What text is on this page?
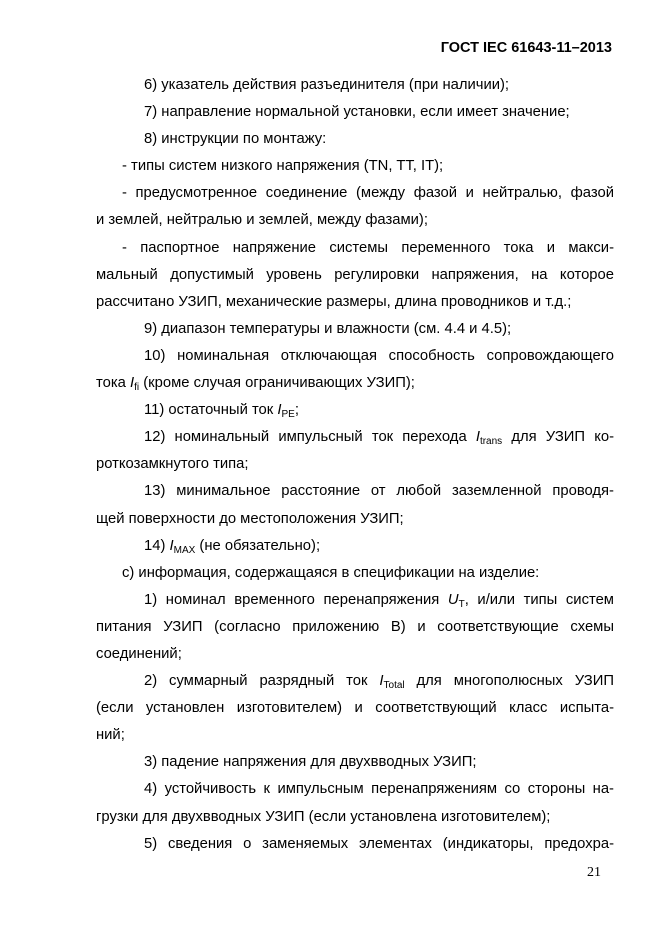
ГОСТ IEC 61643-11–2013

6) указатель действия разъединителя (при наличии);

7) направление нормальной установки, если имеет значение;

8) инструкции по монтажу:

- типы систем низкого напряжения (TN, TT, IT);

- предусмотренное соединение (между фазой и нейтралью, фазой

и землей, нейтралью и землей, между фазами);

- паспортное напряжение системы переменного тока и макси-

мальный допустимый уровень регулировки напряжения, на которое

рассчитано УЗИП, механические размеры, длина проводников и т.д.;

9) диапазон температуры и влажности (см. 4.4 и 4.5);

10) номинальная отключающая способность сопровождающего

тока $I_{fi}$ (кроме случая ограничивающих УЗИП);

11) остаточный ток $I_{PE}$;

12) номинальный импульсный ток перехода $I_{trans}$ для УЗИП ко-

роткозамкнутого типа;

13) минимальное расстояние от любой заземленной проводя-

щей поверхности до местоположения УЗИП;

14) $I_{MAX}$ (не обязательно);

c) информация, содержащаяся в спецификации на изделие:

1) номинал временного перенапряжения $U_T$, и/или типы систем

питания УЗИП (согласно приложению B) и соответствующие схемы

соединений;

2) суммарный разрядный ток $I_{Total}$ для многополюсных УЗИП

(если установлен изготовителем) и соответствующий класс испыта-

ний;

3) падение напряжения для двухвводных УЗИП;

4) устойчивость к импульсным перенапряжениям со стороны на-

грузки для двухвводных УЗИП (если установлена изготовителем);

5) сведения о заменяемых элементах (индикаторы, предохра-

21
